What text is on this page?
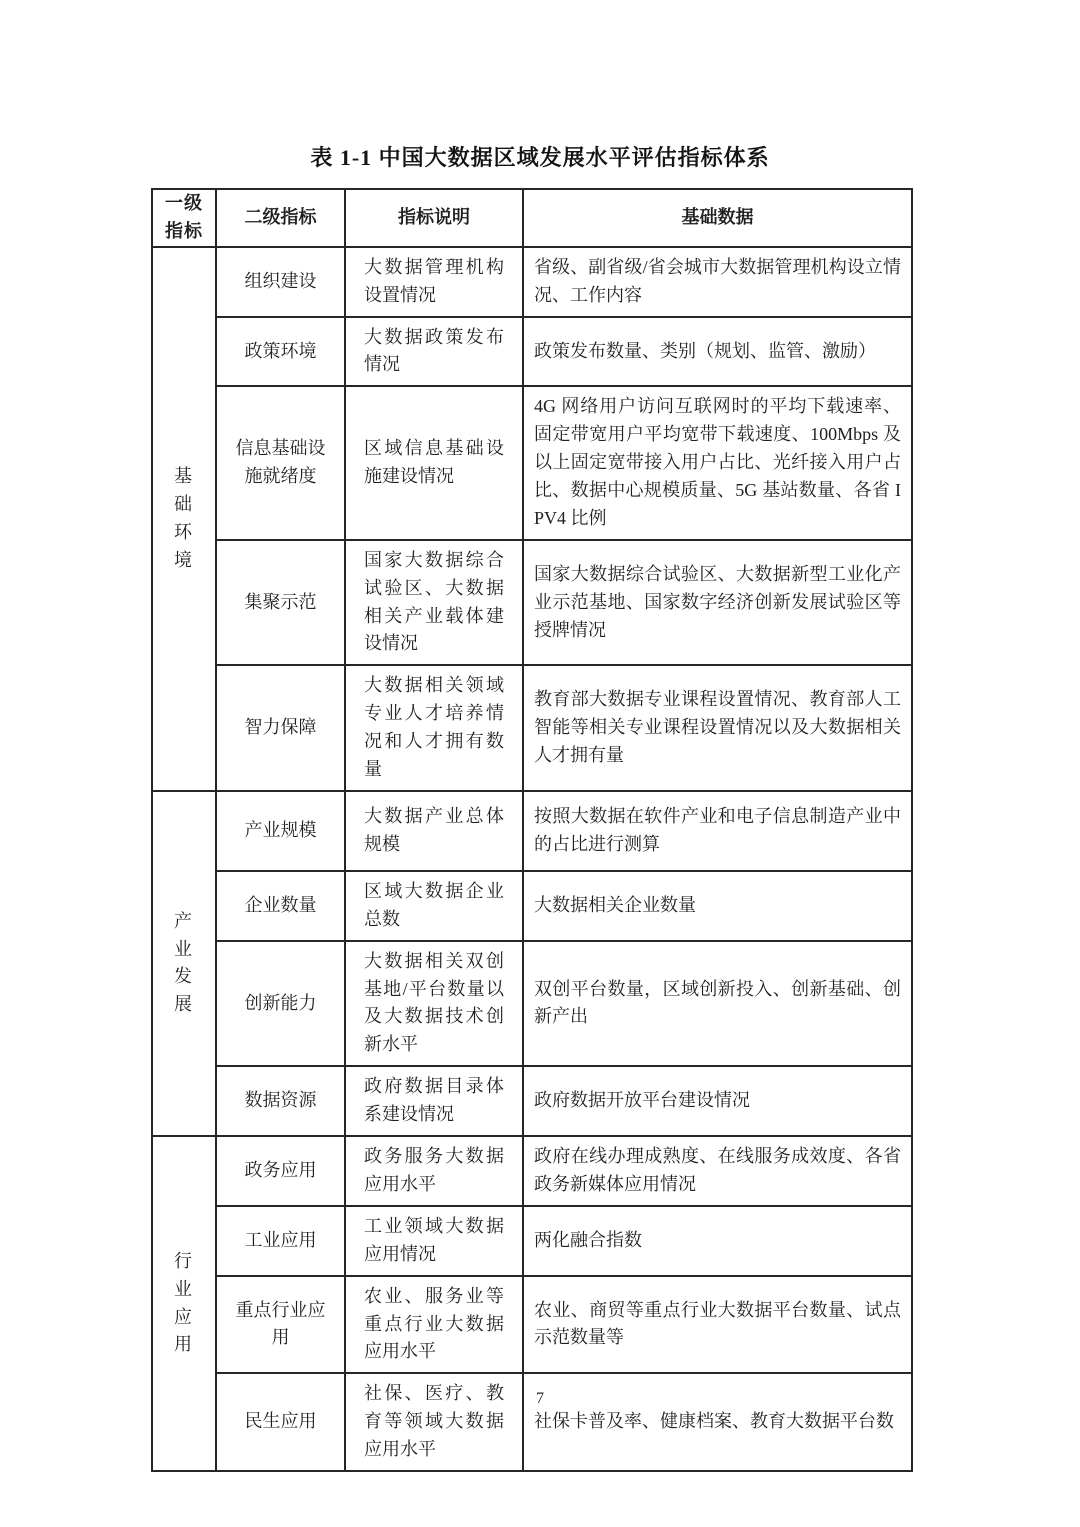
表 1-1 中国大数据区域发展水平评估指标体系
一级指标	二级指标	指标说明	基础数据
基础环境	组织建设	大数据管理机构设置情况	省级、副省级/省会城市大数据管理机构设立情况、工作内容
	政策环境	大数据政策发布情况	政策发布数量、类别（规划、监管、激励）
	信息基础设施就绪度	区域信息基础设施建设情况	4G 网络用户访问互联网时的平均下载速率、固定带宽用户平均宽带下载速度、100Mbps 及以上固定宽带接入用户占比、光纤接入用户占比、数据中心规模质量、5G 基站数量、各省 IPV4 比例
	集聚示范	国家大数据综合试验区、大数据相关产业载体建设情况	国家大数据综合试验区、大数据新型工业化产业示范基地、国家数字经济创新发展试验区等授牌情况
	智力保障	大数据相关领域专业人才培养情况和人才拥有数量	教育部大数据专业课程设置情况、教育部人工智能等相关专业课程设置情况以及大数据相关人才拥有量
产业发展	产业规模	大数据产业总体规模	按照大数据在软件产业和电子信息制造产业中的占比进行测算
	企业数量	区域大数据企业总数	大数据相关企业数量
	创新能力	大数据相关双创基地/平台数量以及大数据技术创新水平	双创平台数量，区域创新投入、创新基础、创新产出
	数据资源	政府数据目录体系建设情况	政府数据开放平台建设情况
行业应用	政务应用	政务服务大数据应用水平	政府在线办理成熟度、在线服务成效度、各省政务新媒体应用情况
	工业应用	工业领域大数据应用情况	两化融合指数
	重点行业应用	农业、服务业等重点行业大数据应用水平	农业、商贸等重点行业大数据平台数量、试点示范数量等
	民生应用	社保、医疗、教育等领域大数据应用水平	社保卡普及率、健康档案、教育大数据平台数
7
